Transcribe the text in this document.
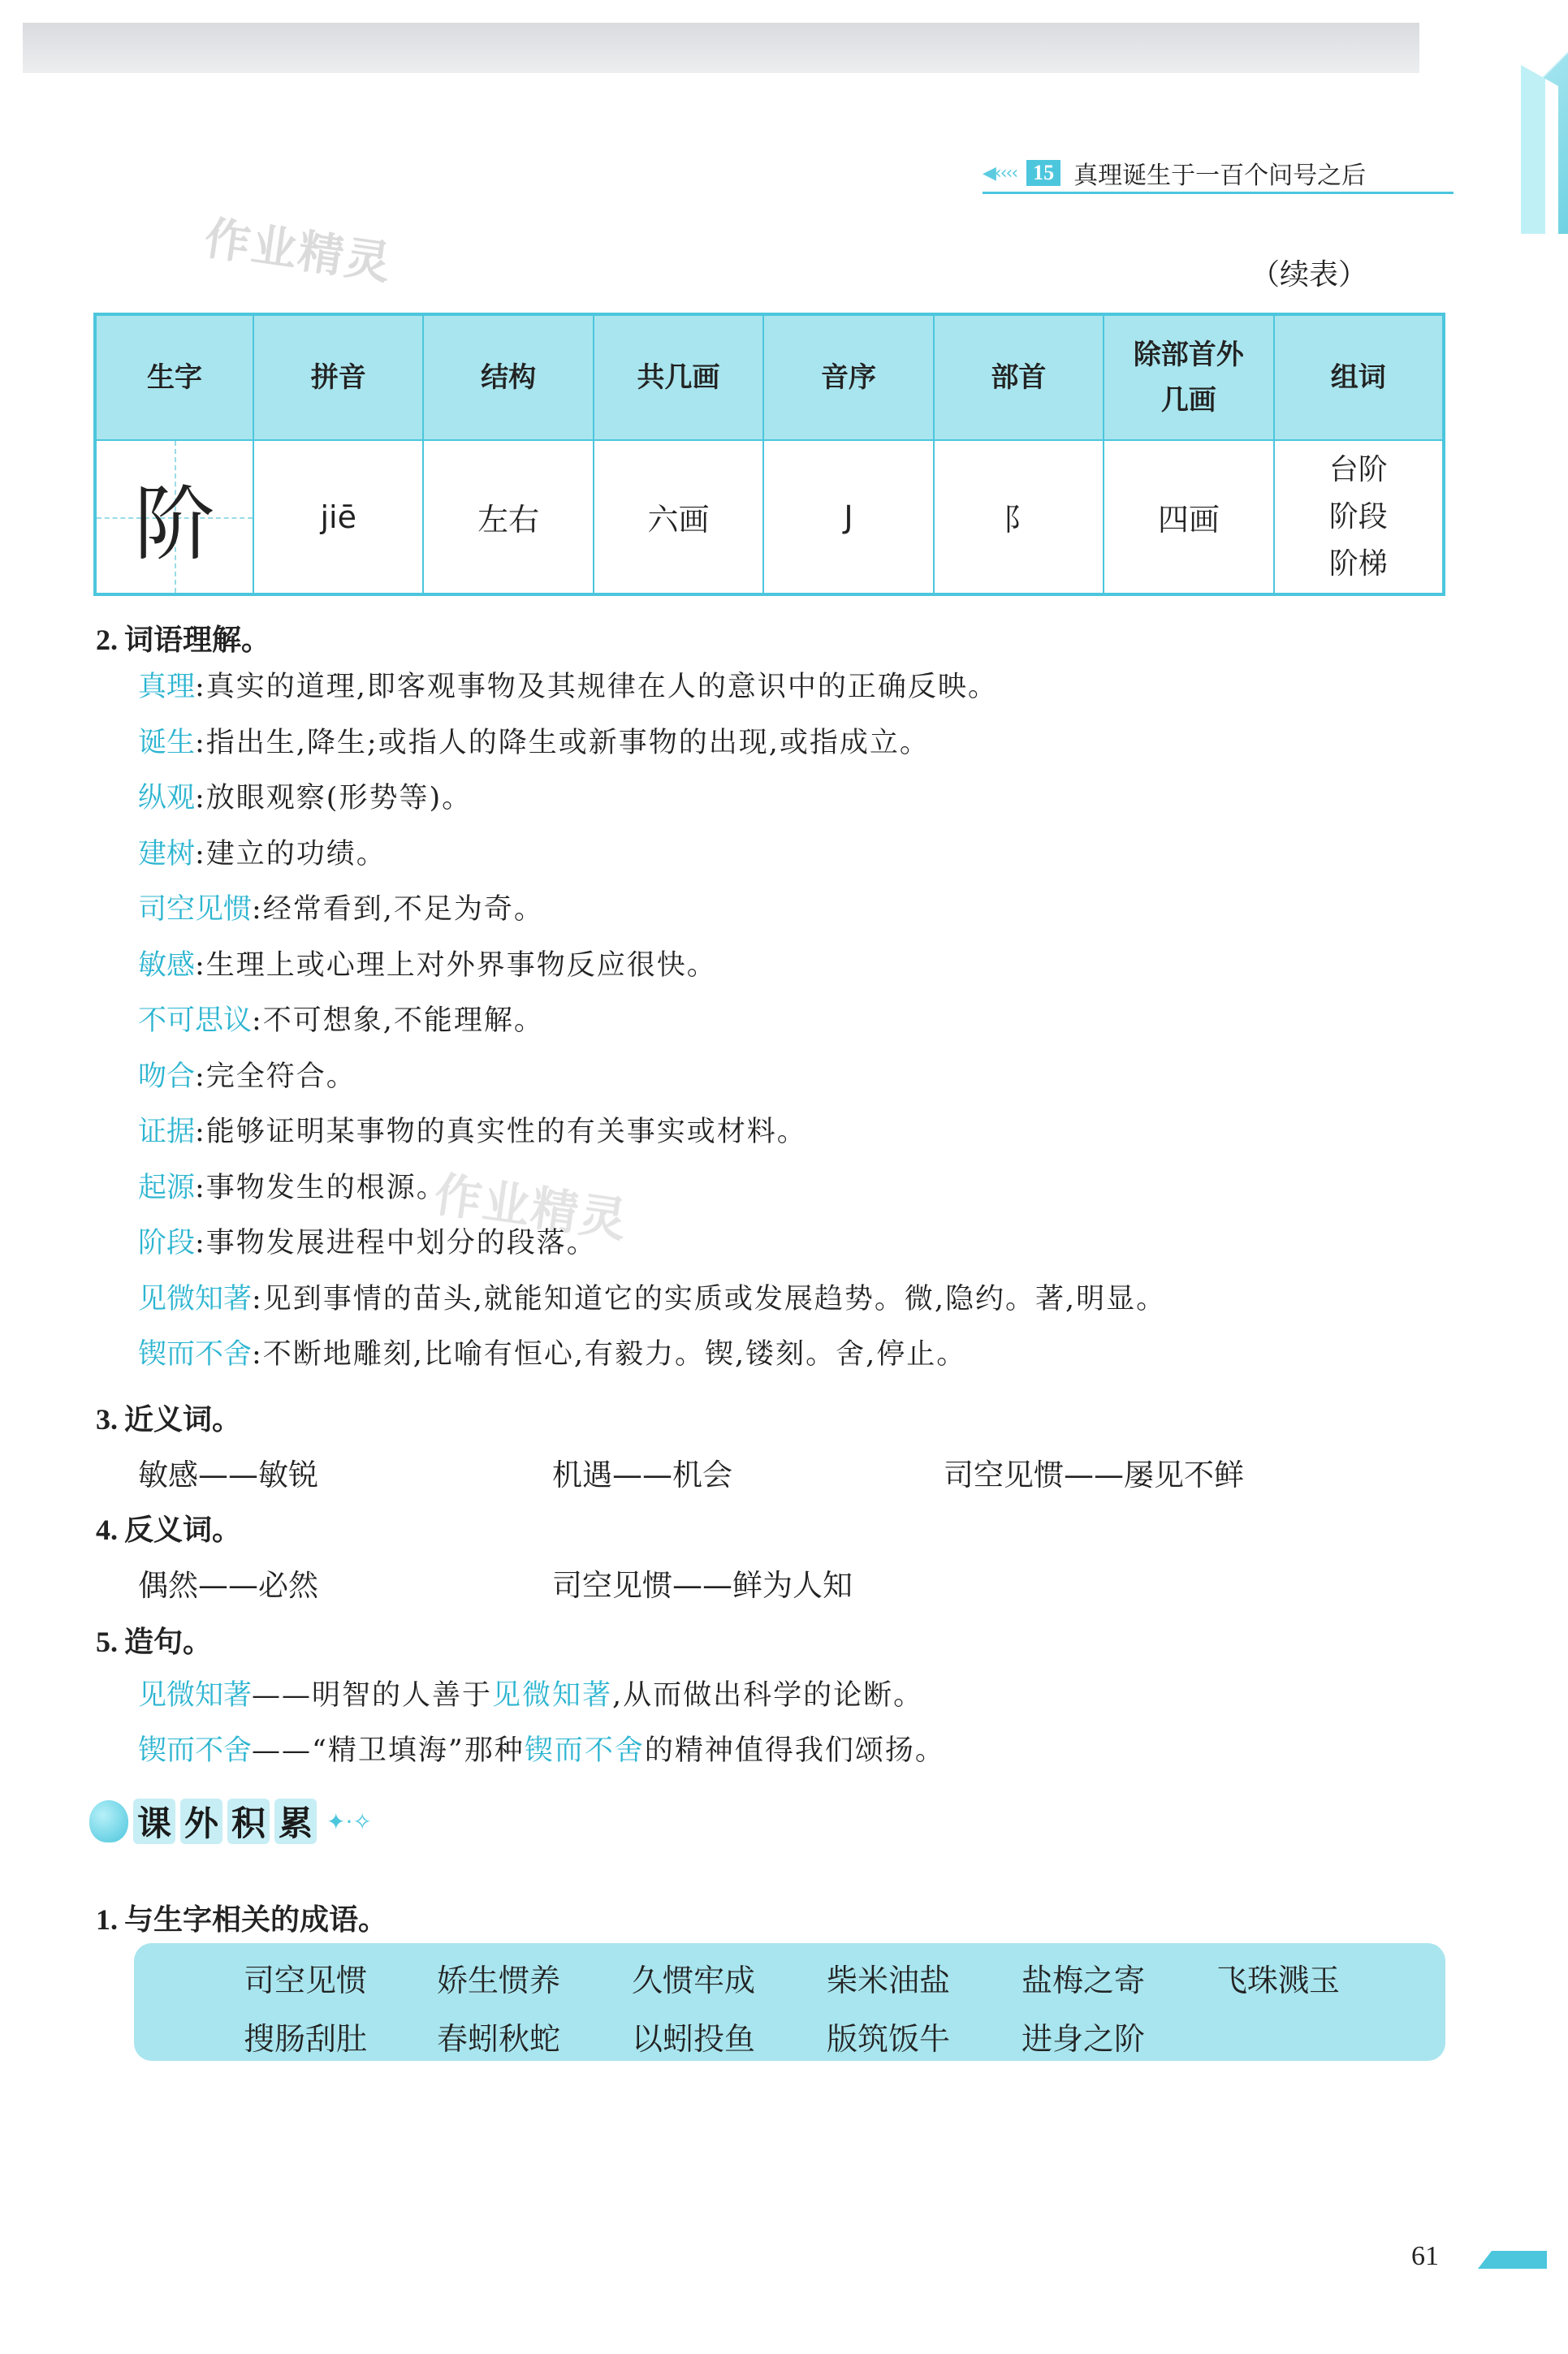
◀‹‹‹‹ 15 真理诞生于一百个问号之后
作业精灵
作业精灵
（续表）
生字	拼音	结构	共几画	音序	部首	除部首外几画	组词

阶	jiē	左右	六画	J	阝	四画	台阶
阶段
阶梯
2. 词语理解。
真理:真实的道理,即客观事物及其规律在人的意识中的正确反映。
诞生:指出生,降生;或指人的降生或新事物的出现,或指成立。
纵观:放眼观察(形势等)。
建树:建立的功绩。
司空见惯:经常看到,不足为奇。
敏感:生理上或心理上对外界事物反应很快。
不可思议:不可想象,不能理解。
吻合:完全符合。
证据:能够证明某事物的真实性的有关事实或材料。
起源:事物发生的根源。
阶段:事物发展进程中划分的段落。
见微知著:见到事情的苗头,就能知道它的实质或发展趋势。微,隐约。著,明显。
锲而不舍:不断地雕刻,比喻有恒心,有毅力。锲,镂刻。舍,停止。
3. 近义词。
敏感——敏锐	机遇——机会	司空见惯——屡见不鲜
4. 反义词。
偶然——必然	司空见惯——鲜为人知
5. 造句。
见微知著——明智的人善于见微知著,从而做出科学的论断。
锲而不舍——“精卫填海”那种锲而不舍的精神值得我们颂扬。
课 外 积 累 ✦·✧
1. 与生字相关的成语。
司空见惯 娇生惯养 久惯牢成 柴米油盐 盐梅之寄 飞珠溅玉
搜肠刮肚 春蚓秋蛇 以蚓投鱼 版筑饭牛 进身之阶
61
